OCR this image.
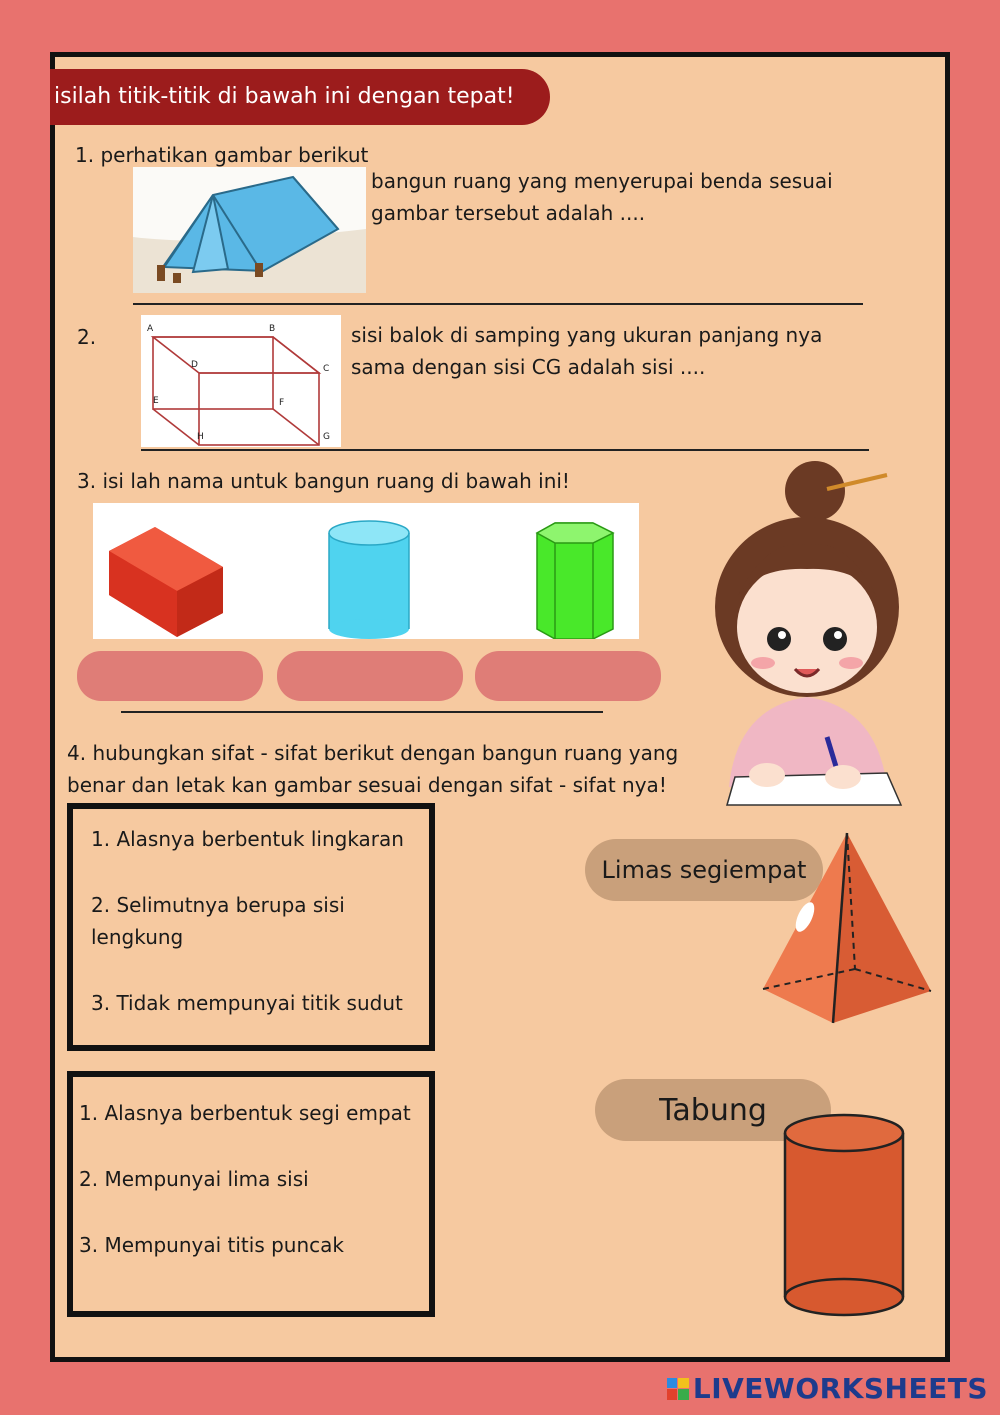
isilah titik-titik di bawah ini dengan tepat!
1. perhatikan gambar berikut
bangun ruang yang menyerupai benda sesuai
gambar tersebut adalah ....
2.	A	B
C
D
E	F
G
H
sisi balok di samping yang ukuran panjang nya
sama dengan sisi CG adalah sisi ....
3. isi lah nama untuk bangun ruang di bawah ini!
4. hubungkan sifat - sifat berikut dengan bangun ruang yang
benar dan letak kan gambar sesuai dengan sifat - sifat nya!
1. Alasnya berbentuk lingkaran
2. Selimutnya berupa sisi
lengkung
3. Tidak mempunyai titik sudut
1. Alasnya berbentuk segi empat
2. Mempunyai lima sisi
3. Mempunyai titis puncak
Limas segiempat
Tabung
LIVEWORKSHEETS
